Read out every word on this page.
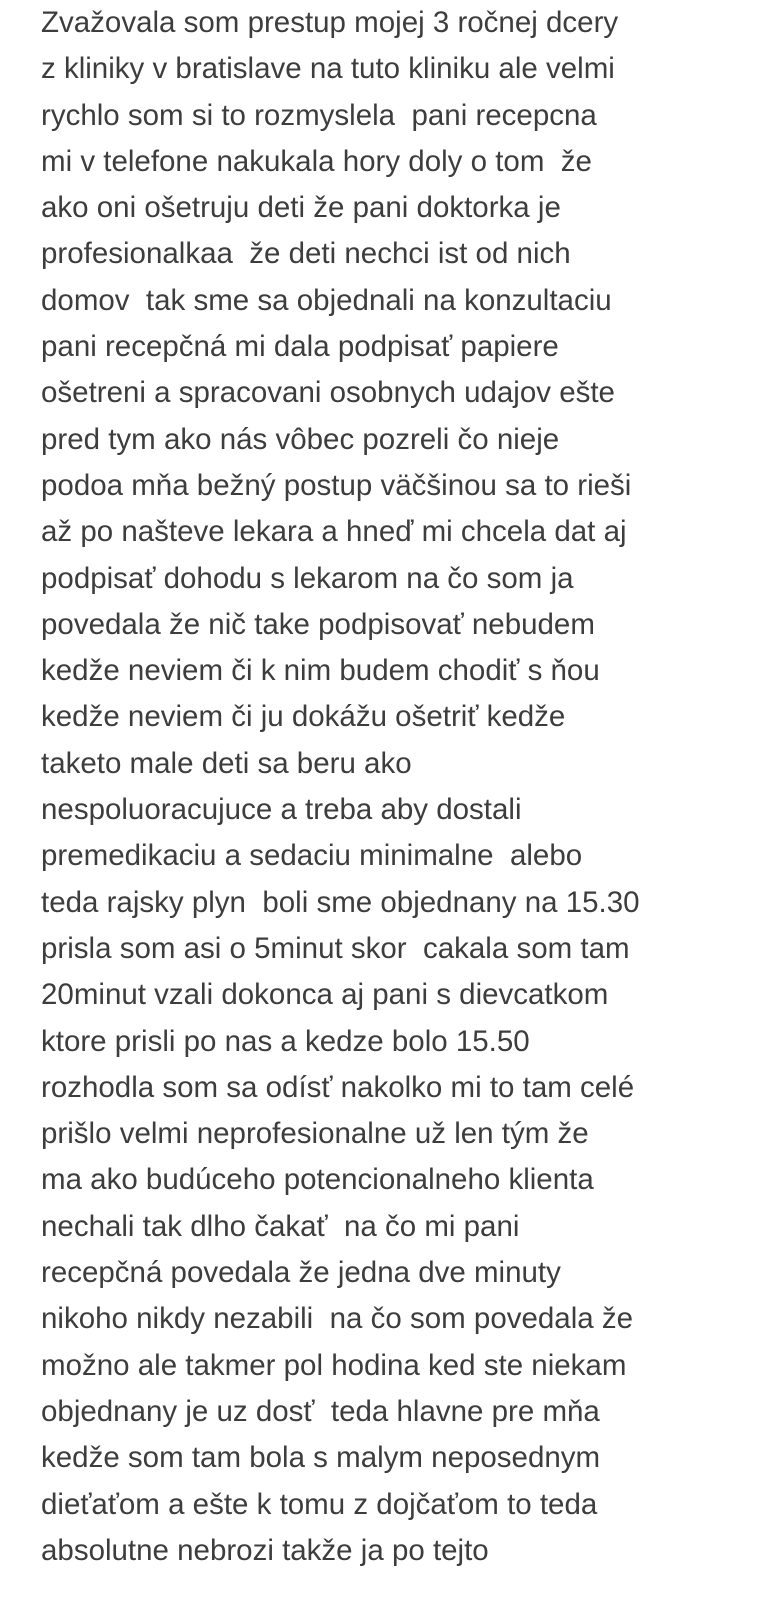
Zvažovala som prestup mojej 3 ročnej dcery
z kliniky v bratislave na tuto kliniku ale velmi
rychlo som si to rozmyslela  pani recepcna
mi v telefone nakukala hory doly o tom  že
ako oni ošetruju deti že pani doktorka je
profesionalkaa  že deti nechci ist od nich
domov  tak sme sa objednali na konzultaciu
pani recepčná mi dala podpisať papiere
ošetreni a spracovani osobnych udajov ešte
pred tym ako nás vôbec pozreli čo nieje
podoa mňa bežný postup väčšinou sa to rieši
až po našteve lekara a hneď mi chcela dat aj
podpisať dohodu s lekarom na čo som ja
povedala že nič take podpisovať nebudem
kedže neviem či k nim budem chodiť s ňou
kedže neviem či ju dokážu ošetriť kedže
taketo male deti sa beru ako
nespoluoracujuce a treba aby dostali
premedikaciu a sedaciu minimalne  alebo
teda rajsky plyn  boli sme objednany na 15.30
prisla som asi o 5minut skor  cakala som tam
20minut vzali dokonca aj pani s dievcatkom
ktore prisli po nas a kedze bolo 15.50
rozhodla som sa odísť nakolko mi to tam celé
prišlo velmi neprofesionalne už len tým že
ma ako budúceho potencionalneho klienta
nechali tak dlho čakať  na čo mi pani
recepčná povedala že jedna dve minuty
nikoho nikdy nezabili  na čo som povedala že
možno ale takmer pol hodina ked ste niekam
objednany je uz dosť  teda hlavne pre mňa
kedže som tam bola s malym neposednym
dieťaťom a ešte k tomu z dojčaťom to teda
absolutne nebrozi takže ja po tejto
